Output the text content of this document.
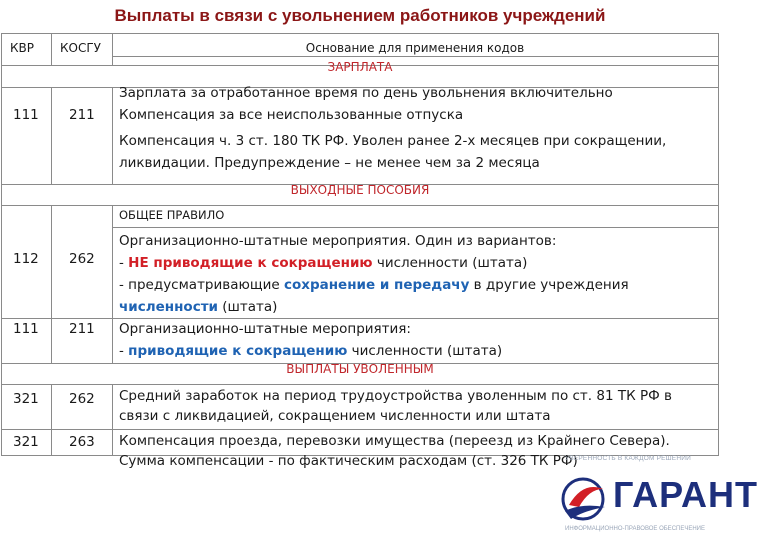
Выплаты в связи с увольнением работников учреждений
КВР КОСГУ	Основание для применения кодов
ЗАРПЛАТА
111 211
Зарплата за отработанное время по день увольнения включительно
Компенсация за все неиспользованные отпуска
Компенсация ч. 3 ст. 180 ТК РФ. Уволен ранее 2-х месяцев при сокращении,
ликвидации. Предупреждение – не менее чем за 2 месяца
ВЫХОДНЫЕ ПОСОБИЯ
ОБЩЕЕ ПРАВИЛО
112 262
Организационно-штатные мероприятия. Один из вариантов:
- НЕ приводящие к сокращению численности (штата)
- предусматривающие сохранение и передачу в другие учреждения
численности (штата)
111 211 Организационно-штатные мероприятия:
- приводящие к сокращению численности (штата)
ВЫПЛАТЫ УВОЛЕННЫМ
321 262 Средний заработок на период трудоустройства уволенным по ст. 81 ТК РФ в
связи с ликвидацией, сокращением численности или штата
321 263 Компенсация проезда, перевозки имущества (переезд из Крайнего Севера).
Сумма компенсации - по фактическим расходам (ст. 326 ТК РФ)
УВЕРЕННОСТЬ В КАЖДОМ РЕШЕНИИ
ГАРАНТ
ИНФОРМАЦИОННО-ПРАВОВОЕ ОБЕСПЕЧЕНИЕ
